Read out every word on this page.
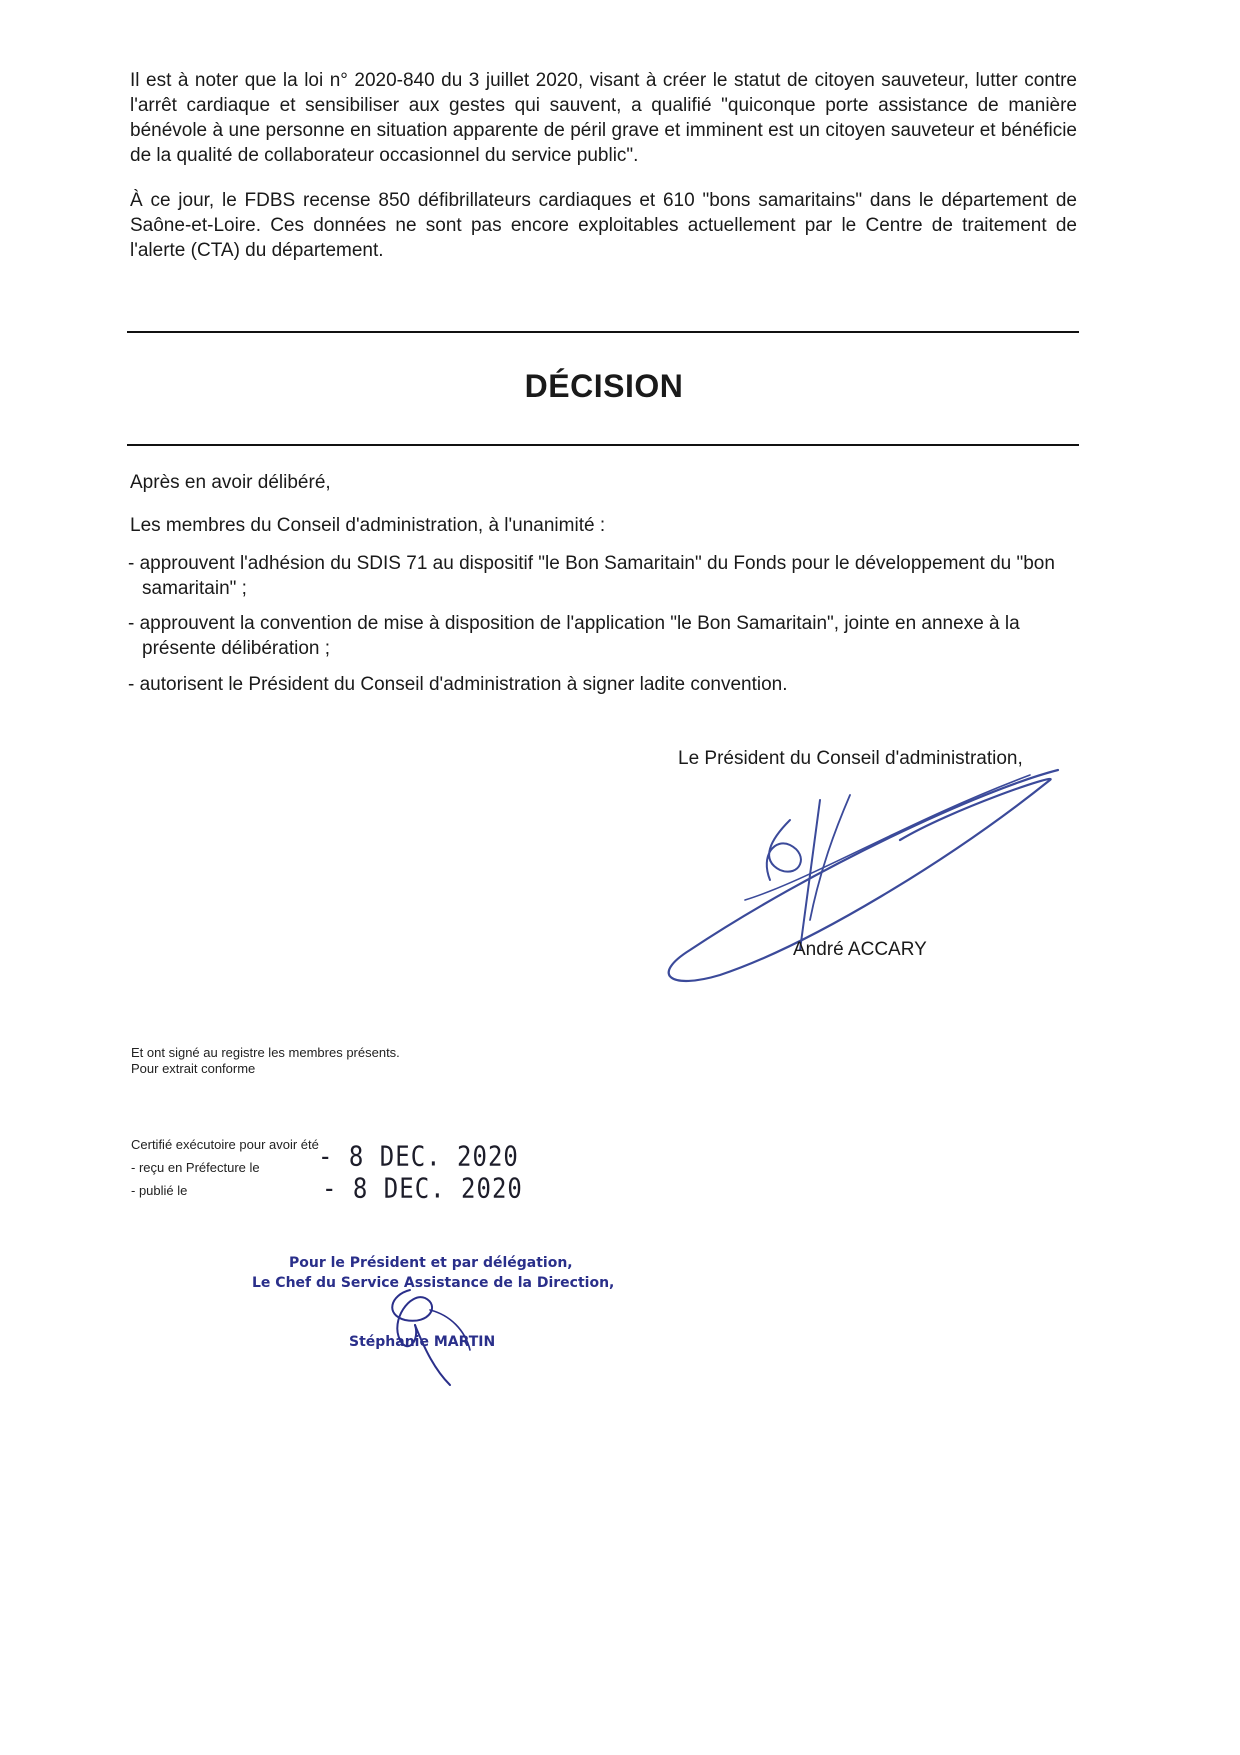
Il est à noter que la loi n° 2020-840 du 3 juillet 2020, visant à créer le statut de citoyen sauveteur, lutter contre l'arrêt cardiaque et sensibiliser aux gestes qui sauvent, a qualifié "quiconque porte assistance de manière bénévole à une personne en situation apparente de péril grave et imminent est un citoyen sauveteur et bénéficie de la qualité de collaborateur occasionnel du service public".

À ce jour, le FDBS recense 850 défibrillateurs cardiaques et 610 "bons samaritains" dans le département de Saône-et-Loire. Ces données ne sont pas encore exploitables actuellement par le Centre de traitement de l'alerte (CTA) du département.

DÉCISION
Après en avoir délibéré,
Les membres du Conseil d'administration, à l'unanimité :
- approuvent l'adhésion du SDIS 71 au dispositif "le Bon Samaritain" du Fonds pour le développement du "bon samaritain" ;
- approuvent la convention de mise à disposition de l'application "le Bon Samaritain", jointe en annexe à la présente délibération ;
- autorisent le Président du Conseil d'administration à signer ladite convention.
Le Président du Conseil d'administration,
André ACCARY
Et ont signé au registre les membres présents.
Pour extrait conforme
Certifié exécutoire pour avoir été
- reçu en Préfecture le
- publié le
- 8 DEC. 2020
- 8 DEC. 2020
Pour le Président et par délégation,
Le Chef du Service Assistance de la Direction,
Stéphanie MARTIN
